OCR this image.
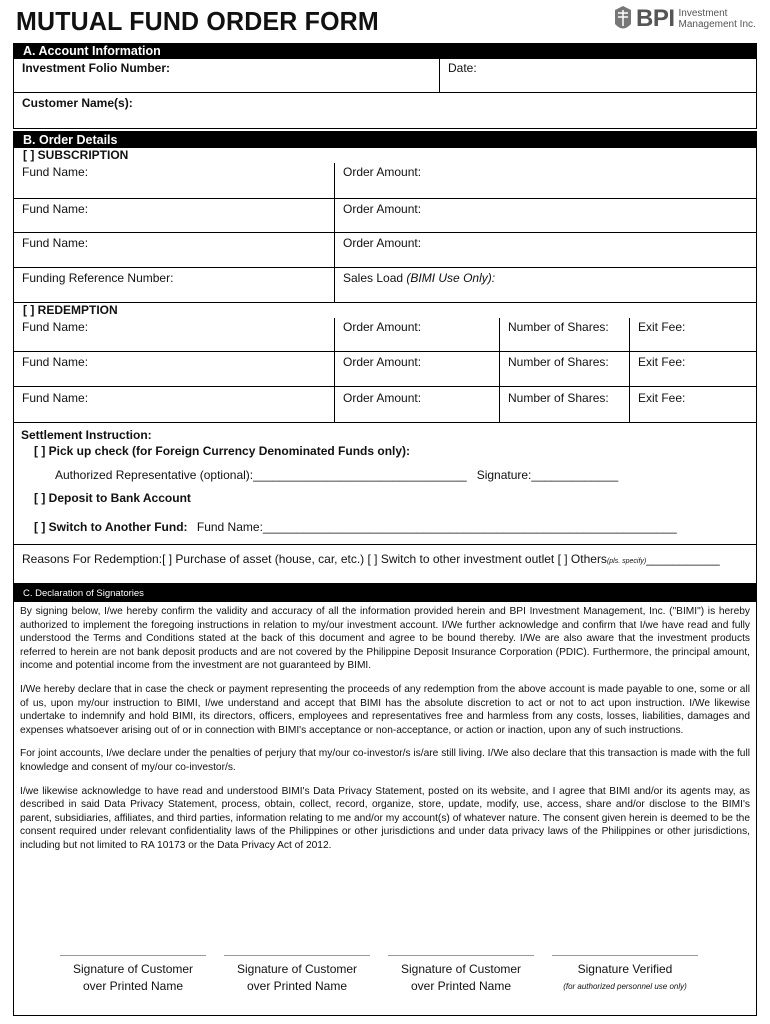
MUTUAL FUND ORDER FORM	BPI Investment
Management Inc.
A. Account Information
Investment Folio Number:	Date:
Customer Name(s):
B. Order Details
[ ] SUBSCRIPTION
Fund Name:	Order Amount:
Fund Name:	Order Amount:
Fund Name:	Order Amount:
Funding Reference Number:	Sales Load (BIMI Use Only):
[ ] REDEMPTION
Fund Name:	Order Amount:	Number of Shares:	Exit Fee:
Fund Name:	Order Amount:	Number of Shares:	Exit Fee:
Fund Name:	Order Amount:	Number of Shares:	Exit Fee:
Settlement Instruction:
[ ] Pick up check (for Foreign Currency Denominated Funds only):
Authorized Representative (optional):________________________________ Signature:_____________
[ ] Deposit to Bank Account
[ ] Switch to Another Fund: Fund Name:______________________________________________________________
Reasons For Redemption:[ ] Purchase of asset (house, car, etc.) [ ] Switch to other investment outlet [ ] Others(pls. specify)___________
C. Declaration of Signatories

By signing below, I/we hereby confirm the validity and accuracy of all the information provided herein and BPI Investment Management, Inc. ("BIMI") is hereby authorized to implement the foregoing instructions in relation to my/our investment account. I/We further acknowledge and confirm that I/we have read and fully understood the Terms and Conditions stated at the back of this document and agree to be bound thereby. I/We are also aware that the investment products referred to herein are not bank deposit products and are not covered by the Philippine Deposit Insurance Corporation (PDIC). Furthermore, the principal amount, income and potential income from the investment are not guaranteed by BIMI.

I/We hereby declare that in case the check or payment representing the proceeds of any redemption from the above account is made payable to one, some or all of us, upon my/our instruction to BIMI, I/we understand and accept that BIMI has the absolute discretion to act or not to act upon instruction. I/We likewise undertake to indemnify and hold BIMI, its directors, officers, employees and representatives free and harmless from any costs, losses, liabilities, damages and expenses whatsoever arising out of or in connection with BIMI's acceptance or non-acceptance, or action or inaction, upon any of such instructions.

For joint accounts, I/we declare under the penalties of perjury that my/our co-investor/s is/are still living. I/We also declare that this transaction is made with the full knowledge and consent of my/our co-investor/s.

I/we likewise acknowledge to have read and understood BIMI's Data Privacy Statement, posted on its website, and I agree that BIMI and/or its agents may, as described in said Data Privacy Statement, process, obtain, collect, record, organize, store, update, modify, use, access, share and/or disclose to the BIMI's parent, subsidiaries, affiliates, and third parties, information relating to me and/or my account(s) of whatever nature. The consent given herein is deemed to be the consent required under relevant confidentiality laws of the Philippines or other jurisdictions and under data privacy laws of the Philippines or other jurisdictions, including but not limited to RA 10173 or the Data Privacy Act of 2012.

Signature of Customer
over Printed Name
Signature of Customer
over Printed Name
Signature of Customer
over Printed Name
Signature Verified
(for authorized personnel use only)
